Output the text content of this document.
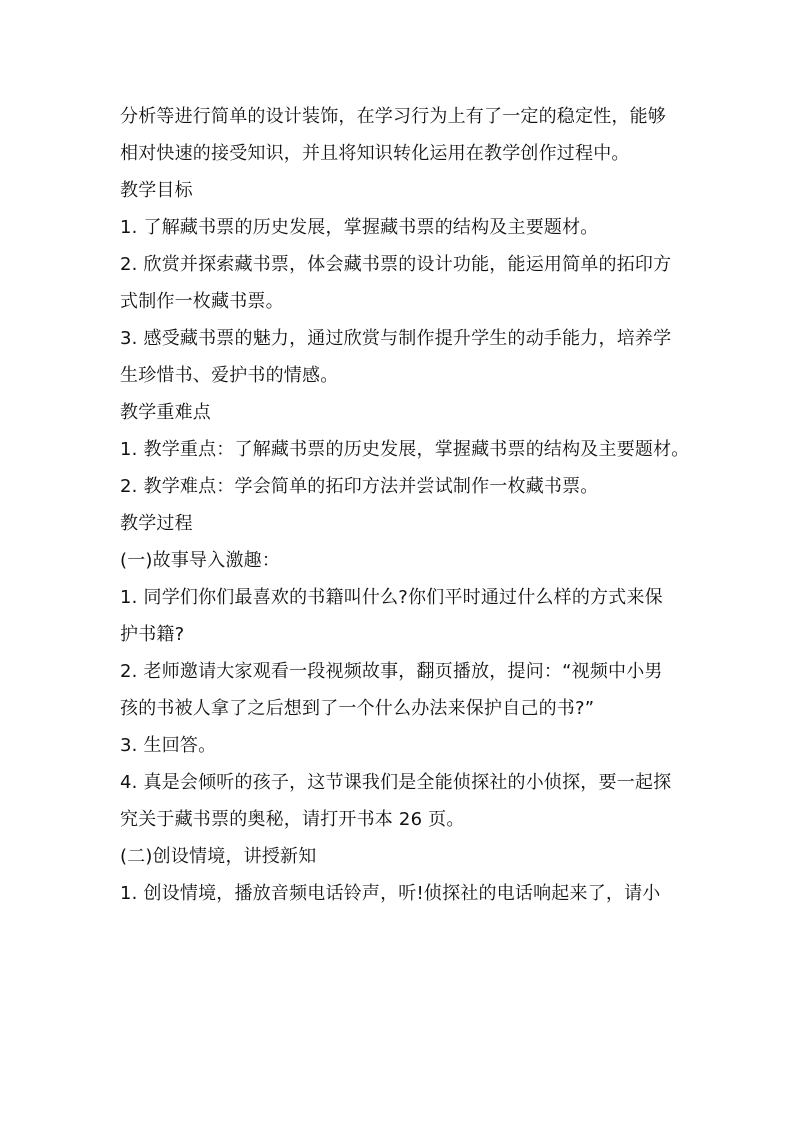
分析等进行简单的设计装饰，在学习行为上有了一定的稳定性，能够

相对快速的接受知识，并且将知识转化运用在教学创作过程中。

教学目标

1. 了解藏书票的历史发展，掌握藏书票的结构及主要题材。

2. 欣赏并探索藏书票，体会藏书票的设计功能，能运用简单的拓印方

式制作一枚藏书票。

3. 感受藏书票的魅力，通过欣赏与制作提升学生的动手能力，培养学

生珍惜书、爱护书的情感。

教学重难点

1. 教学重点：了解藏书票的历史发展，掌握藏书票的结构及主要题材。

2. 教学难点：学会简单的拓印方法并尝试制作一枚藏书票。

教学过程

(一)故事导入激趣：

1. 同学们你们最喜欢的书籍叫什么?你们平时通过什么样的方式来保

护书籍?

2. 老师邀请大家观看一段视频故事，翻页播放，提问：“视频中小男

孩的书被人拿了之后想到了一个什么办法来保护自己的书?”

3. 生回答。

4. 真是会倾听的孩子，这节课我们是全能侦探社的小侦探，要一起探

究关于藏书票的奥秘，请打开书本 26 页。

(二)创设情境，讲授新知

1. 创设情境，播放音频电话铃声，听!侦探社的电话响起来了，请小
